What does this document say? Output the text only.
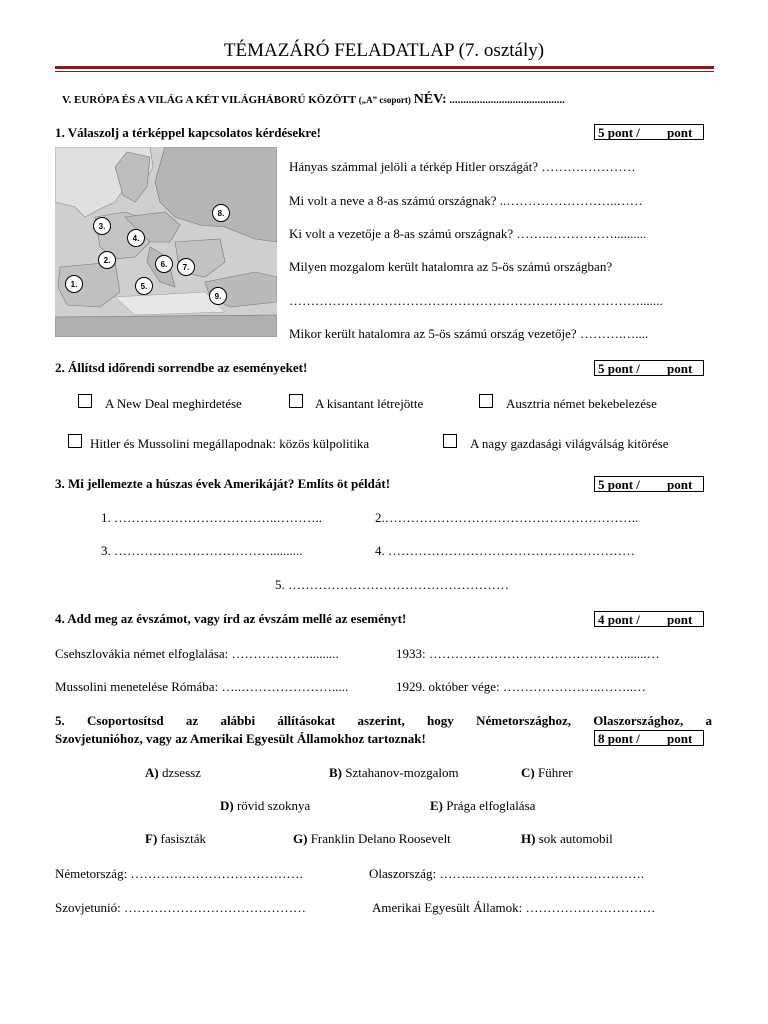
TÉMAZÁRÓ FELADATLAP (7. osztály)
V. EURÓPA ÉS A VILÁG A KÉT VILÁGHÁBORÚ KÖZÖTT („A” csoport) NÉV: ..........................................
1. Válaszolj a térképpel kapcsolatos kérdésekre!	5 pont / pont
1.
2.
3.
4.
5.
6.	7.
8.
9.
Hányas számmal jelöli a térkép Hitler országát? ……….…………
Mi volt a neve a 8-as számú országnak? ..……………………..……
Ki volt a vezetője a 8-as számú országnak? ……..……………..........
Milyen mozgalom került hatalomra az 5-ös számú országban?
……………………………………………………………………….......
Mikor került hatalomra az 5-ös számú ország vezetője? ……….…....
2. Állítsd időrendi sorrendbe az eseményeket!	5 pont / pont
A New Deal meghirdetése	A kisantant létrejötte	Ausztria német bekebelezése
Hitler és Mussolini megállapodnak: közös külpolitika	A nagy gazdasági világválság kitörése
3. Mi jellemezte a húszas évek Amerikáját? Említs öt példát!	5 pont / pont
1. ………………………………..………..	2.…………………………………………………..
3. ………………………………..........	4. …………………………………………………
5. ……………………………………………
4. Add meg az évszámot, vagy írd az évszám mellé az eseményt!	4 pont / pont
Csehszlovákia német elfoglalása: ……………….........	1933: ……………………………………….......…
Mussolini menetelése Rómába: …..………………….....	1929. október vége: …………………..……..…
5. Csoportosítsd az alábbi állításokat aszerint, hogy Németországhoz, Olaszországhoz, a
Szovjetunióhoz, vagy az Amerikai Egyesült Államokhoz tartoznak!	8 pont / pont
A) dzsessz	B) Sztahanov-mozgalom	C) Führer
D) rövid szoknya	E) Prága elfoglalása
F) fasiszták	G) Franklin Delano Roosevelt	H) sok automobil
Németország: ………………………………….	Olaszország: ……..………………………………….
Szovjetunió: ……………………………………	Amerikai Egyesült Államok: …………………………
